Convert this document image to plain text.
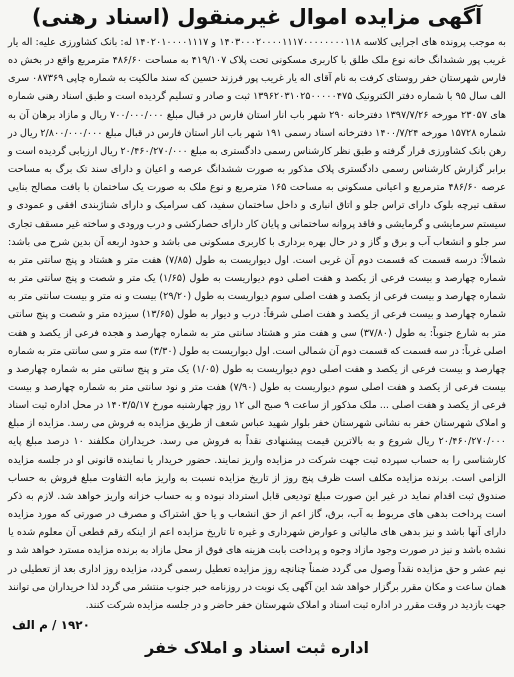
آگهی مزایده اموال غیرمنقول (اسناد رهنی)

به موجب پرونده های اجرایی کلاسه ۱۴۰۳۰۰۰۲۰۰۰۰۱۱۱۷۰۰۰۰۰۰۰۰۱۱۸ و ۱۴۰۲۰۱۰۰۰۰۱۱۱۷ له: بانک کشاورزی علیه: اله یار غریب پور ششدانگ خانه نوع ملک طلق با کاربری مسکونی تحت پلاک ۴۱۹/۱۰۷ به مساحت ۴۸۶/۶۰ مترمربع واقع در بخش ده فارس شهرستان خفر روستای کرفت به نام آقای اله یار غریب پور فرزند حسین که سند مالکیت به شماره چاپی ۰۸۷۳۶۹ سری الف سال ۹۵ با شماره دفتر الکترونیک ۱۳۹۶۲۰۳۱۰۲۵۰۰۰۰۰۴۷۵ ثبت و صادر و تسلیم گردیده است و طبق اسناد رهنی شماره های ۲۳۰۵۷ مورخه ۱۳۹۷/۷/۲۶ دفترخانه ۲۹۰ شهر باب انار استان فارس در قبال مبلغ ۷۰۰/۰۰۰/۰۰۰ ریال و مازاد برهان آن به شماره ۱۵۷۲۸ مورخه ۱۴۰۰/۷/۲۴ دفترخانه اسناد رسمی ۱۹۱ شهر باب انار استان فارس در قبال مبلغ ۲/۸۰۰/۰۰۰/۰۰۰ ریال در رهن بانک کشاورزی قرار گرفته و طبق نظر کارشناس رسمی دادگستری به مبلغ ۲۰/۴۶۰/۲۷۰/۰۰۰ ریال ارزیابی گردیده است و برابر گزارش کارشناس رسمی دادگستری پلاک مذکور به صورت ششدانگ عرصه و اعیان و دارای سند تک برگ به مساحت عرصه ۴۸۶/۶۰ مترمربع و اعیانی مسکونی به مساحت ۱۶۵ مترمربع و نوع ملک به صورت یک ساختمان با بافت مصالح بنایی سقف تیرچه بلوک دارای تراس جلو و اتاق انباری و داخل ساختمان سفید، کف سرامیک و دارای شناژبندی افقی و عمودی و سیستم سرمایشی و گرمایشی و فاقد پروانه ساختمانی و پایان کار دارای حصارکشی و درب ورودی و ساخته غیر مسقف تجاری سر جلو و انشعاب آب و برق و گاز و در حال بهره برداری با کاربری مسکونی می باشد و حدود اربعه آن بدین شرح می باشد: شمالاً: درسه قسمت که قسمت دوم آن غربی است. اول دیواریست به طول (۷/۸۵) هفت متر و هشتاد و پنج سانتی متر به شماره چهارصد و بیست فرعی از یکصد و هفت اصلی دوم دیواریست به طول (۱/۶۵) یک متر و شصت و پنج سانتی متر به شماره چهارصد و بیست فرعی از یکصد و هفت اصلی سوم دیواریست به طول (۲۹/۲۰) بیست و نه متر و بیست سانتی متر به شماره چهارصد و بیست فرعی از یکصد و هفت اصلی شرقاً: درب و دیوار به طول (۱۳/۶۵) سیزده متر و شصت و پنج سانتی متر به شارع جنوباً: به طول (۳۷/۸۰) سی و هفت متر و هشتاد سانتی متر به شماره چهارصد و هجده فرعی از یکصد و هفت اصلی غرباً: در سه قسمت که قسمت دوم آن شمالی است. اول دیواریست به طول (۳/۳۰) سه متر و سی سانتی متر به شماره چهارصد و بیست فرعی از یکصد و هفت اصلی دوم دیواریست به طول (۱/۰۵) یک متر و پنج سانتی متر به شماره چهارصد و بیست فرعی از یکصد و هفت اصلی سوم دیواریست به طول (۷/۹۰) هفت متر و نود سانتی متر به شماره چهارصد و بیست فرعی از یکصد و هفت اصلی ... ملک مذکور از ساعت ۹ صبح الی ۱۲ روز چهارشنبه مورخ ۱۴۰۳/۵/۱۷ در محل اداره ثبت اسناد و املاک شهرستان خفر به نشانی شهرستان خفر بلوار شهید عباس شعف از طریق مزایده به فروش می رسد. مزایده از مبلغ ۲۰/۴۶۰/۲۷۰/۰۰۰ ریال شروع و به بالاترین قیمت پیشنهادی نقداً به فروش می رسد. خریداران مکلفند ۱۰ درصد مبلغ پایه کارشناسی را به حساب سپرده ثبت جهت شرکت در مزایده واریز نمایند. حضور خریدار یا نماینده قانونی او در جلسه مزایده الزامی است. برنده مزایده مکلف است ظرف پنج روز از تاریخ مزایده نسبت به واریز مابه التفاوت مبلغ فروش به حساب صندوق ثبت اقدام نماید در غیر این صورت مبلغ تودیعی قابل استرداد نبوده و به حساب خزانه واریز خواهد شد. لازم به ذکر است پرداخت بدهی های مربوط به آب، برق، گاز اعم از حق انشعاب و یا حق اشتراک و مصرف در صورتی که مورد مزایده دارای آنها باشد و نیز بدهی های مالیاتی و عوارض شهرداری و غیره تا تاریخ مزایده اعم از اینکه رقم قطعی آن معلوم شده یا نشده باشد و نیز در صورت وجود مازاد وجوه و پرداخت بابت هزینه های فوق از محل مازاد به برنده مزایده مسترد خواهد شد و نیم عشر و حق مزایده نقداً وصول می گردد ضمناً چنانچه روز مزایده تعطیل رسمی گردد، مزایده روز اداری بعد از تعطیلی در همان ساعت و مکان مقرر برگزار خواهد شد این آگهی یک نوبت در روزنامه خبر جنوب منتشر می گردد لذا خریداران می توانند جهت بازدید در وقت مقرر در اداره ثبت اسناد و املاک شهرستان خفر حاضر و در جلسه مزایده شرکت کنند.

۱۹۲۰ / م الف
اداره ثبت اسناد و املاک خفر
